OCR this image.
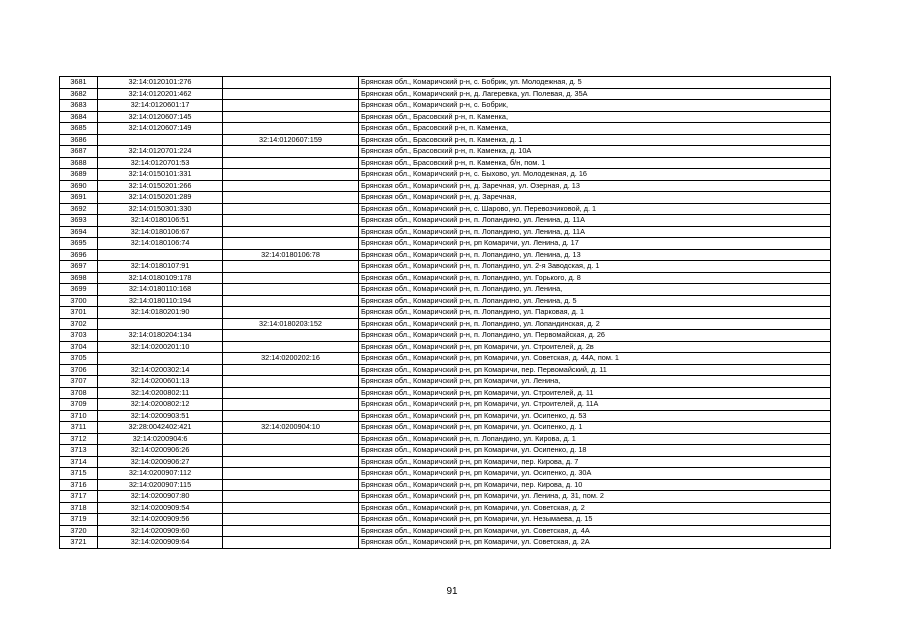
3681	32:14:0120101:276		Брянская обл., Комаричский р-н, с. Бобрик, ул. Молодежная, д. 5
3682	32:14:0120201:462		Брянская обл., Комаричский р-н, д. Лагеревка, ул. Полевая, д. 35А
3683	32:14:0120601:17		Брянская обл., Комаричский р-н, с. Бобрик,
3684	32:14:0120607:145		Брянская обл., Брасовский р-н, п. Каменка,
3685	32:14:0120607:149		Брянская обл., Брасовский р-н, п. Каменка,
3686		32:14:0120607:159	Брянская обл., Брасовский р-н, п. Каменка, д. 1
3687	32:14:0120701:224		Брянская обл., Брасовский р-н, п. Каменка, д. 10А
3688	32:14:0120701:53		Брянская обл., Брасовский р-н, п. Каменка, б/н, пом. 1
3689	32:14:0150101:331		Брянская обл., Комаричский р-н, с. Быхово, ул. Молодежная, д. 16
3690	32:14:0150201:266		Брянская обл., Комаричский р-н, д. Заречная, ул. Озерная, д. 13
3691	32:14:0150201:289		Брянская обл., Комаричский р-н, д. Заречная,
3692	32:14:0150301:330		Брянская обл., Комаричский р-н, с. Шарово, ул. Перевозчиковой, д. 1
3693	32:14:0180106:51		Брянская обл., Комаричский р-н, п. Лопандино, ул. Ленина, д. 11А
3694	32:14:0180106:67		Брянская обл., Комаричский р-н, п. Лопандино, ул. Ленина, д. 11А
3695	32:14:0180106:74		Брянская обл., Комаричский р-н, рп Комаричи, ул. Ленина, д. 17
3696		32:14:0180106:78	Брянская обл., Комаричский р-н, п. Лопандино, ул. Ленина, д. 13
3697	32:14:0180107:91		Брянская обл., Комаричский р-н, п. Лопандино, ул. 2-я Заводская, д. 1
3698	32:14:0180109:178		Брянская обл., Комаричский р-н, п. Лопандино, ул. Горького, д. 8
3699	32:14:0180110:168		Брянская обл., Комаричский р-н, п. Лопандино, ул. Ленина,
3700	32:14:0180110:194		Брянская обл., Комаричский р-н, п. Лопандино, ул. Ленина, д. 5
3701	32:14:0180201:90		Брянская обл., Комаричский р-н, п. Лопандино, ул. Парковая, д. 1
3702		32:14:0180203:152	Брянская обл., Комаричский р-н, п. Лопандино, ул. Лопандинская, д. 2
3703	32:14:0180204:134		Брянская обл., Комаричский р-н, п. Лопандино, ул. Первомайская, д. 26
3704	32:14:0200201:10		Брянская обл., Комаричский р-н, рп Комаричи, ул. Строителей, д. 2в
3705		32:14:0200202:16	Брянская обл., Комаричский р-н, рп Комаричи, ул. Советская, д. 44А, пом. 1
3706	32:14:0200302:14		Брянская обл., Комаричский р-н, рп Комаричи, пер. Первомайский, д. 11
3707	32:14:0200601:13		Брянская обл., Комаричский р-н, рп Комаричи, ул. Ленина,
3708	32:14:0200802:11		Брянская обл., Комаричский р-н, рп Комаричи, ул. Строителей, д. 11
3709	32:14:0200802:12		Брянская обл., Комаричский р-н, рп Комаричи, ул. Строителей, д. 11А
3710	32:14:0200903:51		Брянская обл., Комаричский р-н, рп Комаричи, ул. Осипенко, д. 53
3711	32:28:0042402:421	32:14:0200904:10	Брянская обл., Комаричский р-н, рп Комаричи, ул. Осипенко, д. 1
3712	32:14:0200904:6		Брянская обл., Комаричский р-н, п. Лопандино, ул. Кирова, д. 1
3713	32:14:0200906:26		Брянская обл., Комаричский р-н, рп Комаричи, ул. Осипенко, д. 18
3714	32:14:0200906:27		Брянская обл., Комаричский р-н, рп Комаричи, пер. Кирова, д. 7
3715	32:14:0200907:112		Брянская обл., Комаричский р-н, рп Комаричи, ул. Осипенко, д. 30А
3716	32:14:0200907:115		Брянская обл., Комаричский р-н, рп Комаричи, пер. Кирова, д. 10
3717	32:14:0200907:80		Брянская обл., Комаричский р-н, рп Комаричи, ул. Ленина, д. 31, пом. 2
3718	32:14:0200909:54		Брянская обл., Комаричский р-н, рп Комаричи, ул. Советская, д. 2
3719	32:14:0200909:56		Брянская обл., Комаричский р-н, рп Комаричи, ул. Незымаева, д. 15
3720	32:14:0200909:60		Брянская обл., Комаричский р-н, рп Комаричи, ул. Советская, д. 4А
3721	32:14:0200909:64		Брянская обл., Комаричский р-н, рп Комаричи, ул. Советская, д. 2А
91
